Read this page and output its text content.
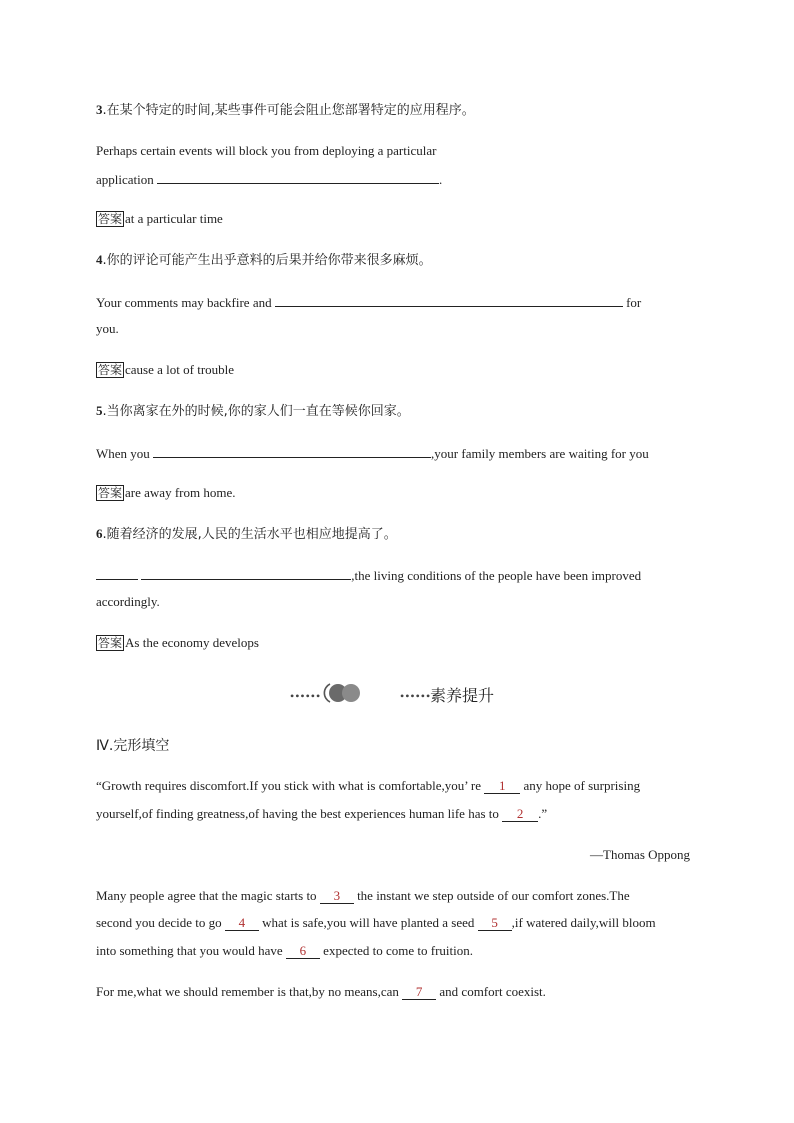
3.在某个特定的时间,某些事件可能会阻止您部署特定的应用程序。
Perhaps certain events will block you from deploying a particular
application	.
答案 at a particular time
4.你的评论可能产生出乎意料的后果并给你带来很多麻烦。
Your comments may backfire and	for
you.
答案 cause a lot of trouble
5.当你离家在外的时候,你的家人们一直在等候你回家。
When you	,your family members are waiting for you
答案 are away from home.
6.随着经济的发展,人民的生活水平也相应地提高了。
,the living conditions of the people have been improved
accordingly.
答案 As the economy develops
••••••	••••••
素养提升
Ⅳ.完形填空
“Growth requires discomfort.If you stick with what is comfortable,you’ re 1 any hope of surprising
yourself,of finding greatness,of having the best experiences human life has to 2 .”
—Thomas Oppong
Many people agree that the magic starts to 3 the instant we step outside of our comfort zones.The
second you decide to go 4 what is safe,you will have planted a seed 5 ,if watered daily,will bloom
into something that you would have 6 expected to come to fruition.
For me,what we should remember is that,by no means,can 7 and comfort coexist.
